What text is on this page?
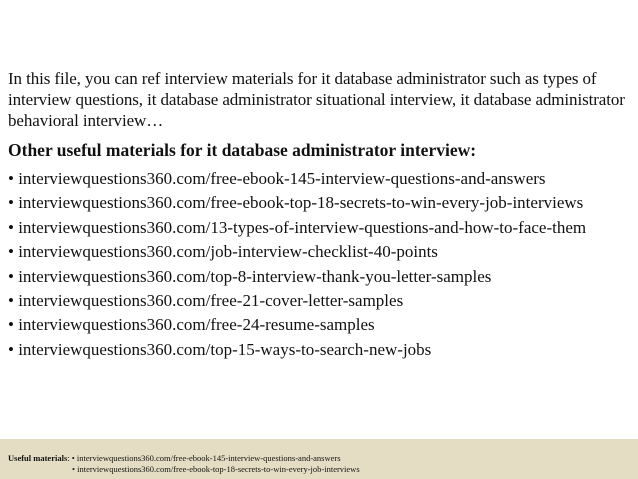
In this file, you can ref interview materials for it database administrator such as types of interview questions, it database administrator situational interview, it database administrator behavioral interview…

Other useful materials for it database administrator interview:
• interviewquestions360.com/free-ebook-145-interview-questions-and-answers
• interviewquestions360.com/free-ebook-top-18-secrets-to-win-every-job-interviews
• interviewquestions360.com/13-types-of-interview-questions-and-how-to-face-them
• interviewquestions360.com/job-interview-checklist-40-points
• interviewquestions360.com/top-8-interview-thank-you-letter-samples
• interviewquestions360.com/free-21-cover-letter-samples
• interviewquestions360.com/free-24-resume-samples
• interviewquestions360.com/top-15-ways-to-search-new-jobs
Useful materials: • interviewquestions360.com/free-ebook-145-interview-questions-and-answers
• interviewquestions360.com/free-ebook-top-18-secrets-to-win-every-job-interviews
